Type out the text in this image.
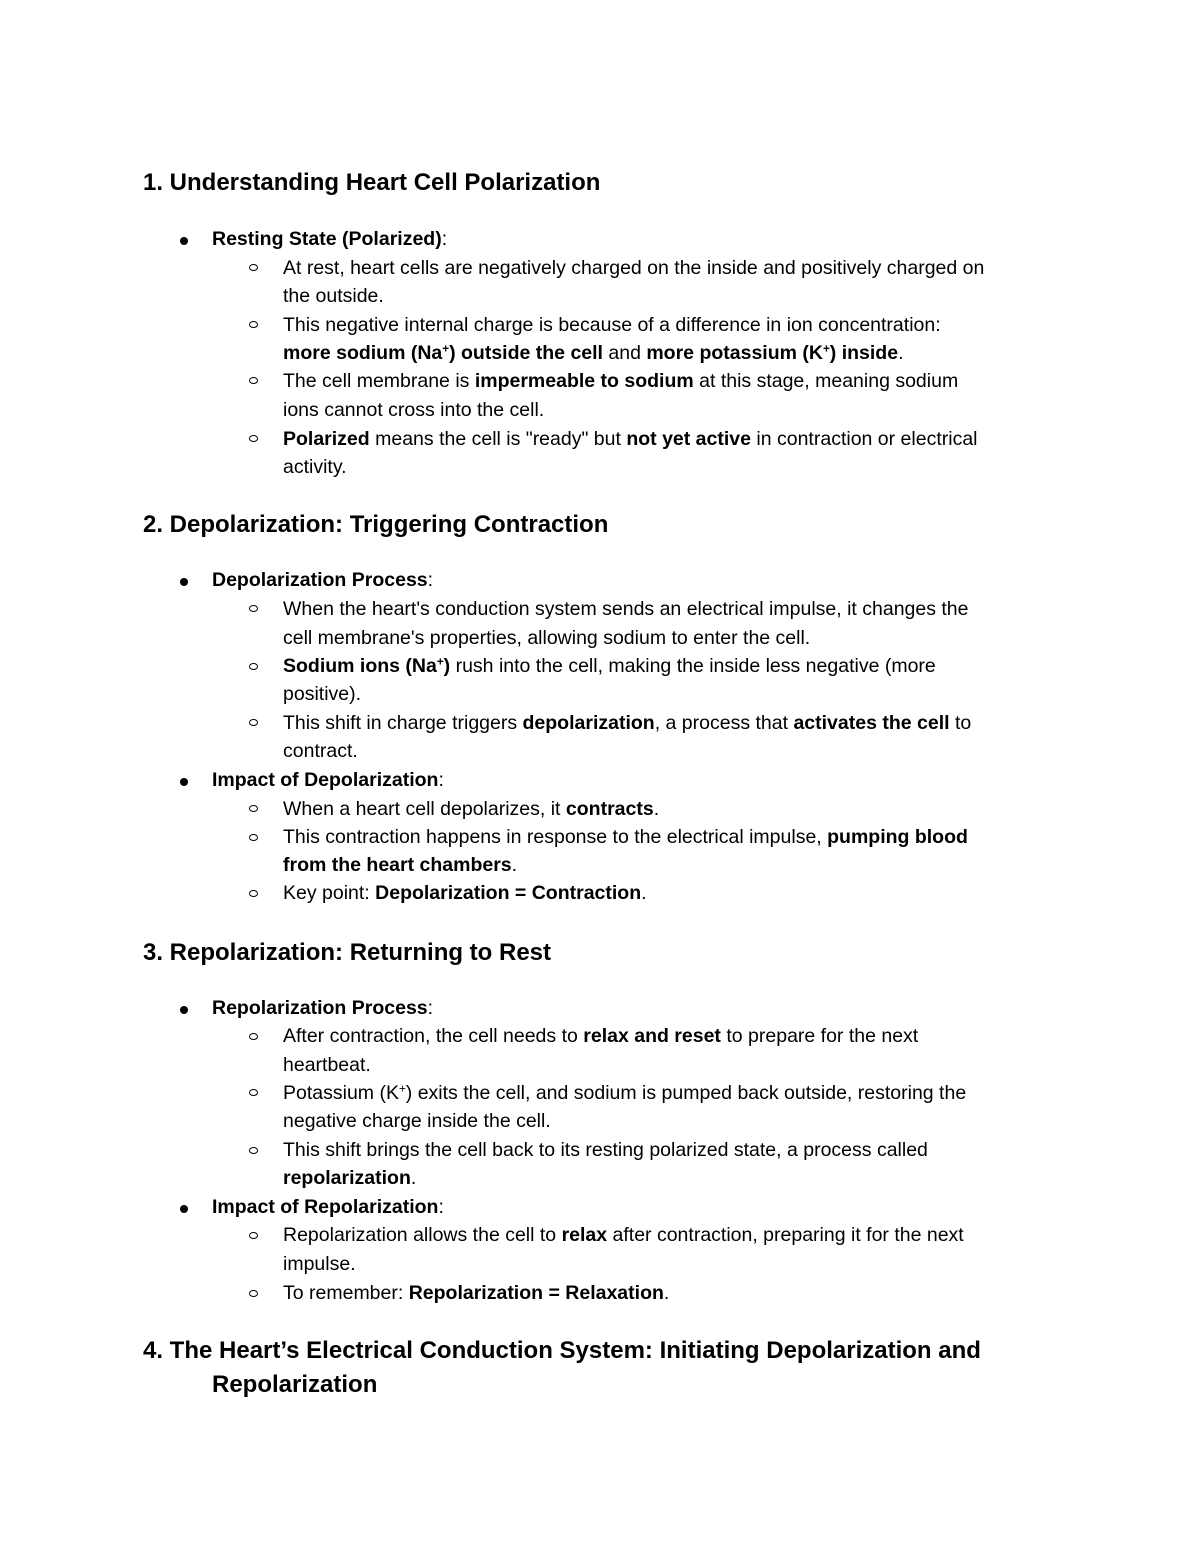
1. Understanding Heart Cell Polarization

Resting State (Polarized):

At rest, heart cells are negatively charged on the inside and positively charged on

the outside.

This negative internal charge is because of a difference in ion concentration:

more sodium (Na+) outside the cell and more potassium (K+) inside.

The cell membrane is impermeable to sodium at this stage, meaning sodium

ions cannot cross into the cell.

Polarized means the cell is "ready" but not yet active in contraction or electrical

activity.

2. Depolarization: Triggering Contraction

Depolarization Process:

When the heart's conduction system sends an electrical impulse, it changes the

cell membrane's properties, allowing sodium to enter the cell.

Sodium ions (Na+) rush into the cell, making the inside less negative (more

positive).

This shift in charge triggers depolarization, a process that activates the cell to

contract.

Impact of Depolarization:

When a heart cell depolarizes, it contracts.

This contraction happens in response to the electrical impulse, pumping blood

from the heart chambers.

Key point: Depolarization = Contraction.

3. Repolarization: Returning to Rest

Repolarization Process:

After contraction, the cell needs to relax and reset to prepare for the next

heartbeat.

Potassium (K+) exits the cell, and sodium is pumped back outside, restoring the

negative charge inside the cell.

This shift brings the cell back to its resting polarized state, a process called

repolarization.

Impact of Repolarization:

Repolarization allows the cell to relax after contraction, preparing it for the next

impulse.

To remember: Repolarization = Relaxation.

4. The Heart’s Electrical Conduction System: Initiating Depolarization and
Repolarization
